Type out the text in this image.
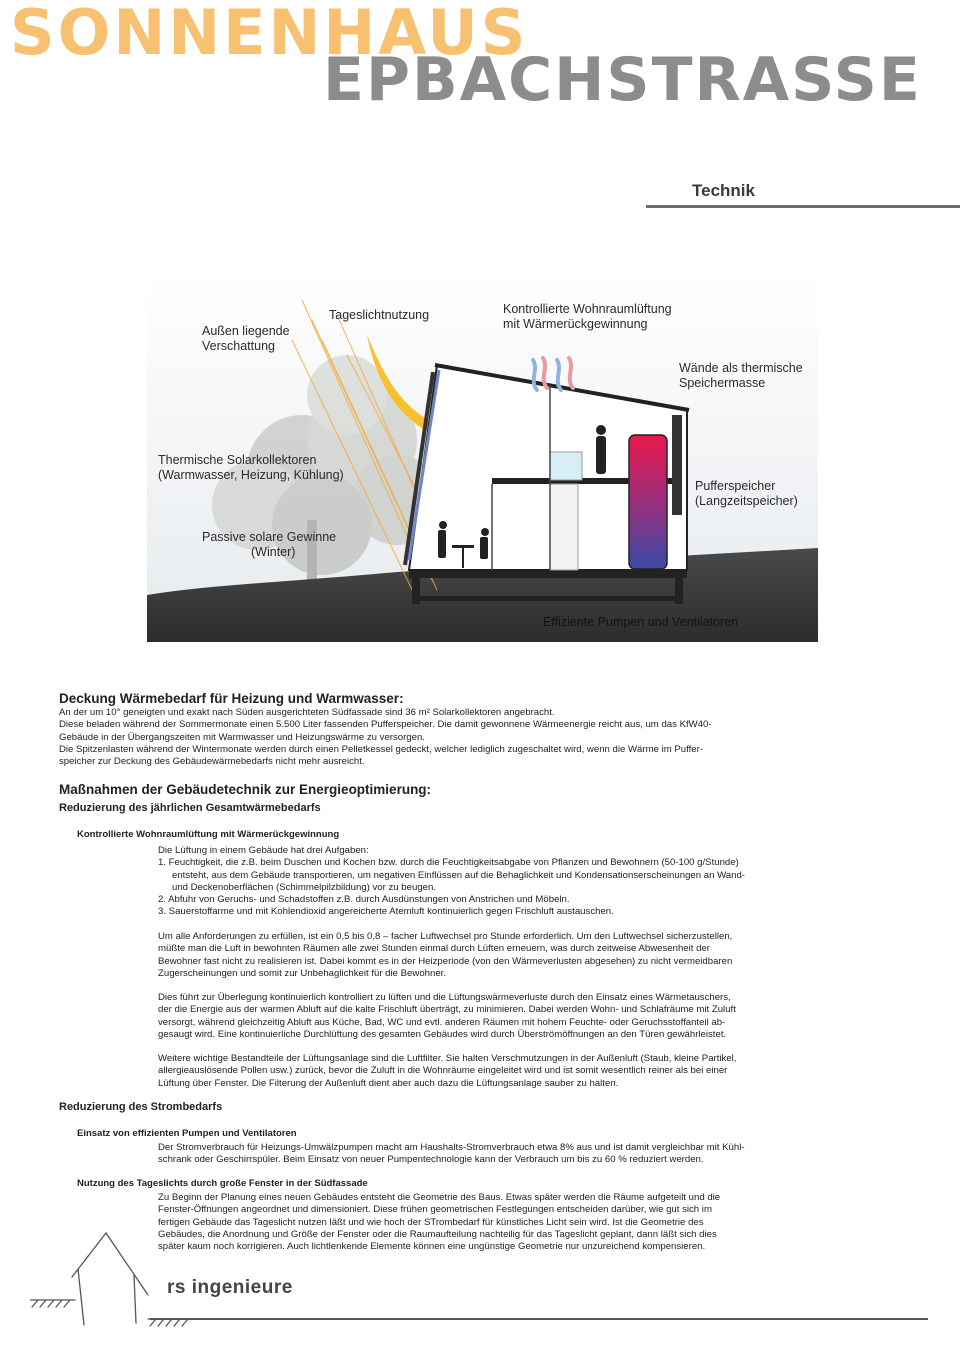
SONNENHAUS
EPBACHSTRASSE
Technik
Tageslichtnutzung	Kontrollierte Wohnraumlüftung
mit Wärmerückgewinnung
Außen liegende
Verschattung
Wände als thermische
Speichermasse
Thermische Solarkollektoren
(Warmwasser, Heizung, Kühlung)
Pufferspeicher
(Langzeitspeicher)
Passive solare Gewinne
(Winter)
Effiziente Pumpen und Ventilatoren
Deckung Wärmebedarf für Heizung und Warmwasser:
An der um 10° geneigten und exakt nach Süden ausgerichteten Südfassade sind 36 m² Solarkollektoren angebracht.
Diese beladen während der Sommermonate einen 5.500 Liter fassenden Pufferspeicher. Die damit gewonnene Wärmeenergie reicht aus, um das KfW40-
Gebäude in der Übergangszeiten mit Warmwasser und Heizungswärme zu versorgen.
Die Spitzenlasten während der Wintermonate werden durch einen Pelletkessel gedeckt, welcher lediglich zugeschaltet wird, wenn die Wärme im Puffer-
speicher zur Deckung des Gebäudewärmebedarfs nicht mehr ausreicht.
Maßnahmen der Gebäudetechnik zur Energieoptimierung:
Reduzierung des jährlichen Gesamtwärmebedarfs
Kontrollierte Wohnraumlüftung mit Wärmerückgewinnung
Die Lüftung in einem Gebäude hat drei Aufgaben:
1. Feuchtigkeit, die z.B. beim Duschen und Kochen bzw. durch die Feuchtigkeitsabgabe von Pflanzen und Bewohnern (50-100 g/Stunde)
entsteht, aus dem Gebäude transportieren, um negativen Einflüssen auf die Behaglichkeit und Kondensationserscheinungen an Wand-
und Deckenoberflächen (Schimmelpilzbildung) vor zu beugen.
2. Abfuhr von Geruchs- und Schadstoffen z.B. durch Ausdünstungen von Anstrichen und Möbeln.
3. Sauerstoffarme und mit Kohlendioxid angereicherte Atemluft kontinuierlich gegen Frischluft austauschen.
Um alle Anforderungen zu erfüllen, ist ein 0,5 bis 0,8 – facher Luftwechsel pro Stunde erforderlich. Um den Luftwechsel sicherzustellen,
müßte man die Luft in bewohnten Räumen alle zwei Stunden einmal durch Lüften erneuern, was durch zeitweise Abwesenheit der
Bewohner fast nicht zu realisieren ist. Dabei kommt es in der Heizperiode (von den Wärmeverlusten abgesehen) zu nicht vermeidbaren
Zugerscheinungen und somit zur Unbehaglichkeit für die Bewohner.
Dies führt zur Überlegung kontinuierlich kontrolliert zu lüften und die Lüftungswärmeverluste durch den Einsatz eines Wärmetauschers,
der die Energie aus der warmen Abluft auf die kalte Frischluft überträgt, zu minimieren. Dabei werden Wohn- und Schlafräume mit Zuluft
versorgt, während gleichzeitig Abluft aus Küche, Bad, WC und evtl. anderen Räumen mit hohem Feuchte- oder Geruchsstoffanteil ab-
gesaugt wird. Eine kontinuierliche Durchlüftung des gesamten Gebäudes wird durch Überströmöffnungen an den Türen gewährleistet.
Weitere wichtige Bestandteile der Lüftungsanlage sind die Luftfilter. Sie halten Verschmutzungen in der Außenluft (Staub, kleine Partikel,
allergieauslösende Pollen usw.) zurück, bevor die Zuluft in die Wohnräume eingeleitet wird und ist somit wesentlich reiner als bei einer
Lüftung über Fenster. Die Filterung der Außenluft dient aber auch dazu die Lüftungsanlage sauber zu halten.
Reduzierung des Strombedarfs
Einsatz von effizienten Pumpen und Ventilatoren
Der Stromverbrauch für Heizungs-Umwälzpumpen macht am Haushalts-Stromverbrauch etwa 8% aus und ist damit vergleichbar mit Kühl-
schrank oder Geschirrspüler. Beim Einsatz von neuer Pumpentechnologie kann der Verbrauch um bis zu 60 % reduziert werden.
Nutzung des Tageslichts durch große Fenster in der Südfassade
Zu Beginn der Planung eines neuen Gebäudes entsteht die Geometrie des Baus. Etwas später werden die Räume aufgeteilt und die
Fenster-Öffnungen angeordnet und dimensioniert. Diese frühen geometrischen Festlegungen entscheiden darüber, wie gut sich im
fertigen Gebäude das Tageslicht nutzen läßt und wie hoch der STrombedarf für künstliches Licht sein wird. Ist die Geometrie des
Gebäudes, die Anordnung und Größe der Fenster oder die Raumaufteilung nachteilig für das Tageslicht geplant, dann läßt sich dies
später kaum noch korrigieren. Auch lichtlenkende Elemente können eine ungünstige Geometrie nur unzureichend kompensieren.
rs ingenieure
